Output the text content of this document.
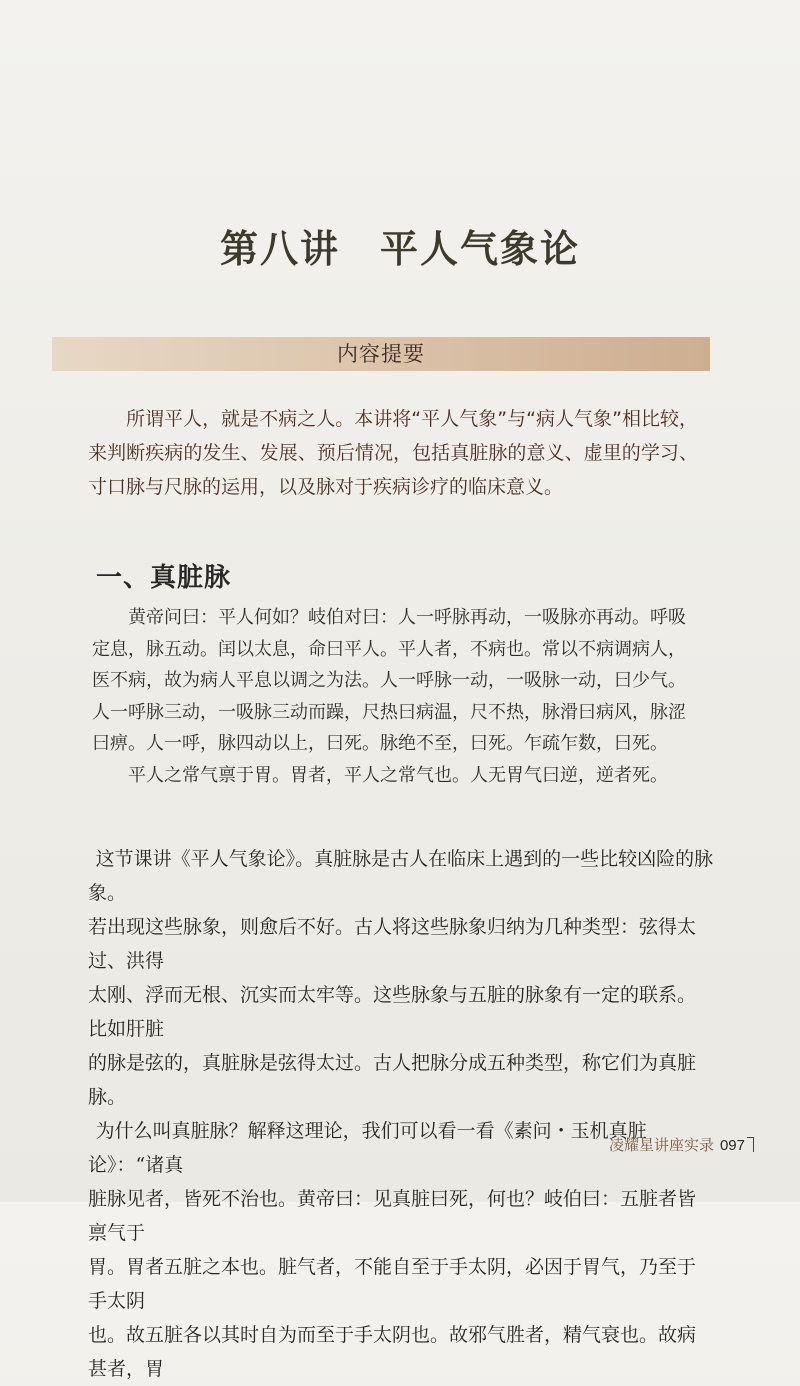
第八讲　平人气象论
内容提要

所谓平人，就是不病之人。本讲将“平人气象”与“病人气象”相比较，来判断疾病的发生、发展、预后情况，包括真脏脉的意义、虚里的学习、寸口脉与尺脉的运用，以及脉对于疾病诊疗的临床意义。

一、真脏脉
黄帝问曰：平人何如？岐伯对曰：人一呼脉再动，一吸脉亦再动。呼吸
定息，脉五动。闰以太息，命曰平人。平人者，不病也。常以不病调病人，
医不病，故为病人平息以调之为法。人一呼脉一动，一吸脉一动，曰少气。
人一呼脉三动，一吸脉三动而躁，尺热曰病温，尺不热，脉滑曰病风，脉涩
曰痹。人一呼，脉四动以上，曰死。脉绝不至，曰死。乍疏乍数，曰死。
平人之常气禀于胃。胃者，平人之常气也。人无胃气曰逆，逆者死。
这节课讲《平人气象论》。真脏脉是古人在临床上遇到的一些比较凶险的脉象。
若出现这些脉象，则愈后不好。古人将这些脉象归纳为几种类型：弦得太过、洪得
太刚、浮而无根、沉实而太牢等。这些脉象与五脏的脉象有一定的联系。比如肝脏
的脉是弦的，真脏脉是弦得太过。古人把脉分成五种类型，称它们为真脏脉。
为什么叫真脏脉？解释这理论，我们可以看一看《素问・玉机真脏论》：“诸真
脏脉见者，皆死不治也。黄帝曰：见真脏曰死，何也？岐伯曰：五脏者皆禀气于
胃。胃者五脏之本也。脏气者，不能自至于手太阴，必因于胃气，乃至于手太阴
也。故五脏各以其时自为而至于手太阴也。故邪气胜者，精气衰也。故病甚者，胃
凌耀星讲座实录 097
